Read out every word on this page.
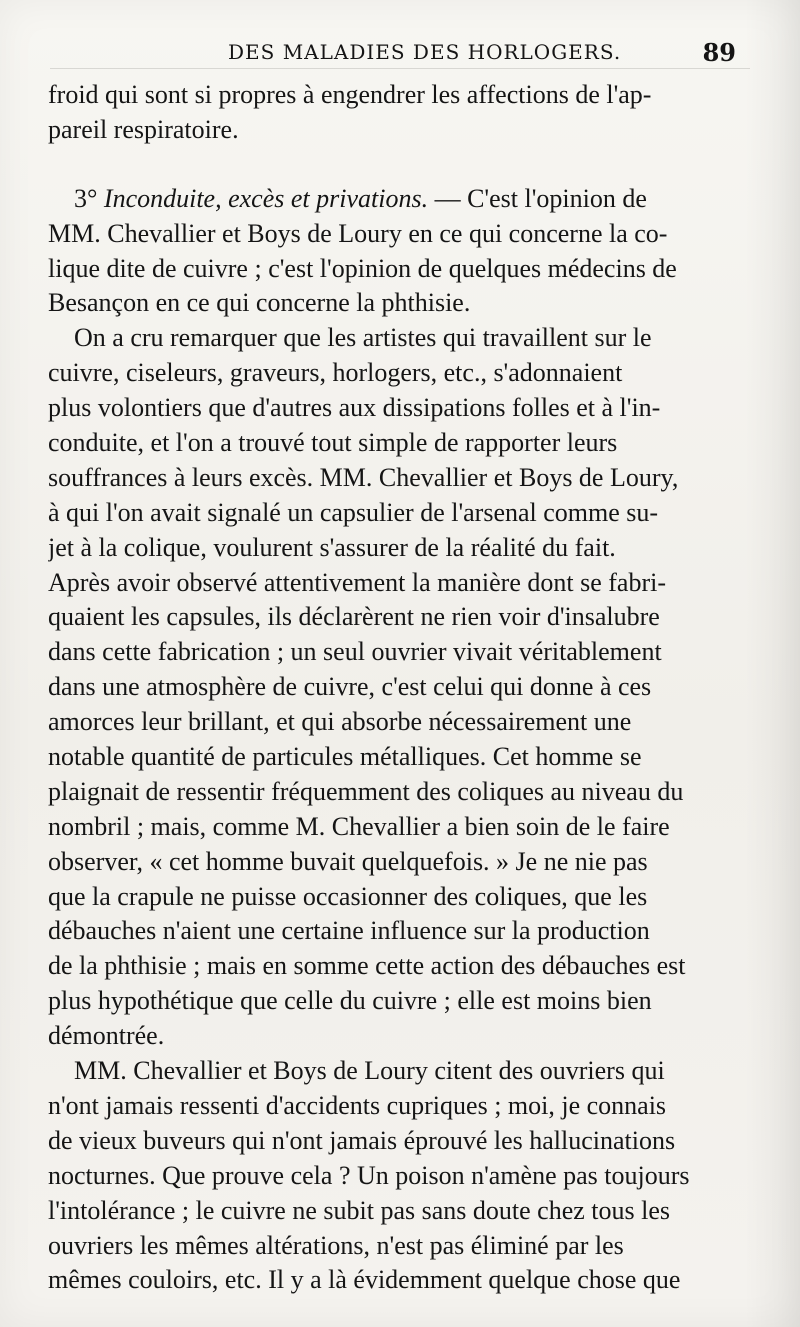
DES MALADIES DES HORLOGERS.	89
froid qui sont si propres à engendrer les affections de l'ap-
pareil respiratoire.
3° Inconduite, excès et privations. — C'est l'opinion de
MM. Chevallier et Boys de Loury en ce qui concerne la co-
lique dite de cuivre ; c'est l'opinion de quelques médecins de
Besançon en ce qui concerne la phthisie.
On a cru remarquer que les artistes qui travaillent sur le
cuivre, ciseleurs, graveurs, horlogers, etc., s'adonnaient
plus volontiers que d'autres aux dissipations folles et à l'in-
conduite, et l'on a trouvé tout simple de rapporter leurs
souffrances à leurs excès. MM. Chevallier et Boys de Loury,
à qui l'on avait signalé un capsulier de l'arsenal comme su-
jet à la colique, voulurent s'assurer de la réalité du fait.
Après avoir observé attentivement la manière dont se fabri-
quaient les capsules, ils déclarèrent ne rien voir d'insalubre
dans cette fabrication ; un seul ouvrier vivait véritablement
dans une atmosphère de cuivre, c'est celui qui donne à ces
amorces leur brillant, et qui absorbe nécessairement une
notable quantité de particules métalliques. Cet homme se
plaignait de ressentir fréquemment des coliques au niveau du
nombril ; mais, comme M. Chevallier a bien soin de le faire
observer, « cet homme buvait quelquefois. » Je ne nie pas
que la crapule ne puisse occasionner des coliques, que les
débauches n'aient une certaine influence sur la production
de la phthisie ; mais en somme cette action des débauches est
plus hypothétique que celle du cuivre ; elle est moins bien
démontrée.
MM. Chevallier et Boys de Loury citent des ouvriers qui
n'ont jamais ressenti d'accidents cupriques ; moi, je connais
de vieux buveurs qui n'ont jamais éprouvé les hallucinations
nocturnes. Que prouve cela ? Un poison n'amène pas toujours
l'intolérance ; le cuivre ne subit pas sans doute chez tous les
ouvriers les mêmes altérations, n'est pas éliminé par les
mêmes couloirs, etc. Il y a là évidemment quelque chose que
